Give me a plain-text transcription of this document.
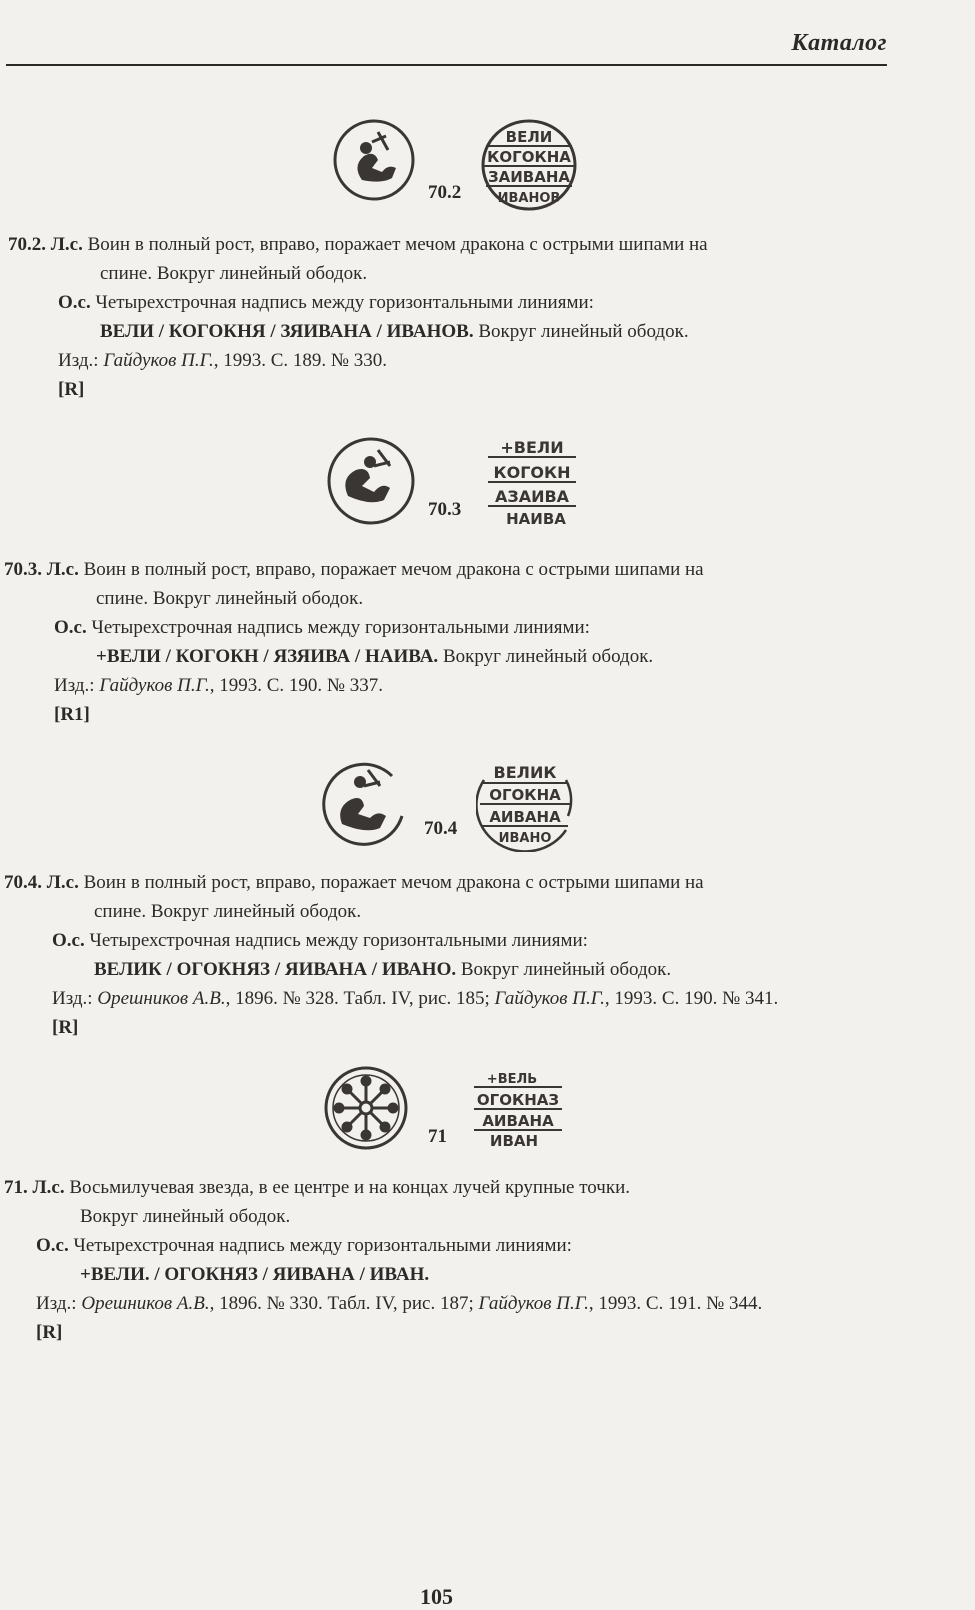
Каталог
ВЕЛИ
КОГОКНА
ЗАИВАНА
ИВАНОВ
70.2
70.2. Л.с. Воин в полный рост, вправо, поражает мечом дракона с острыми шипами на
спине. Вокруг линейный ободок.
О.с. Четырехстрочная надпись между горизонтальными линиями:
ВЕЛИ / КОГОКНЯ / ЗЯИВАНА / ИВАНОВ. Вокруг линейный ободок.
Изд.: Гайдуков П.Г., 1993. С. 189. № 330.
[R]
+ВЕЛИ
КОГОКН
АЗАИВА
НАИВА
70.3
70.3. Л.с. Воин в полный рост, вправо, поражает мечом дракона с острыми шипами на
спине. Вокруг линейный ободок.
О.с. Четырехстрочная надпись между горизонтальными линиями:
+ВЕЛИ / КОГОКН / ЯЗЯИВА / НАИВА. Вокруг линейный ободок.
Изд.: Гайдуков П.Г., 1993. С. 190. № 337.
[R1]
ВЕЛИК
ОГОКНА
АИВАНА
ИВАНО
70.4
70.4. Л.с. Воин в полный рост, вправо, поражает мечом дракона с острыми шипами на
спине. Вокруг линейный ободок.
О.с. Четырехстрочная надпись между горизонтальными линиями:
ВЕЛИК / ОГОКНЯЗ / ЯИВАНА / ИВАНО. Вокруг линейный ободок.
Изд.: Орешников А.В., 1896. № 328. Табл. IV, рис. 185; Гайдуков П.Г., 1993. С. 190. № 341.
[R]
+ВЕЛЬ
ОГОКНАЗ
АИВАНА
ИВАН
71
71. Л.с. Восьмилучевая звезда, в ее центре и на концах лучей крупные точки.
Вокруг линейный ободок.
О.с. Четырехстрочная надпись между горизонтальными линиями:
+ВЕЛИ. / ОГОКНЯЗ / ЯИВАНА / ИВАН.
Изд.: Орешников А.В., 1896. № 330. Табл. IV, рис. 187; Гайдуков П.Г., 1993. С. 191. № 344.
[R]
105
